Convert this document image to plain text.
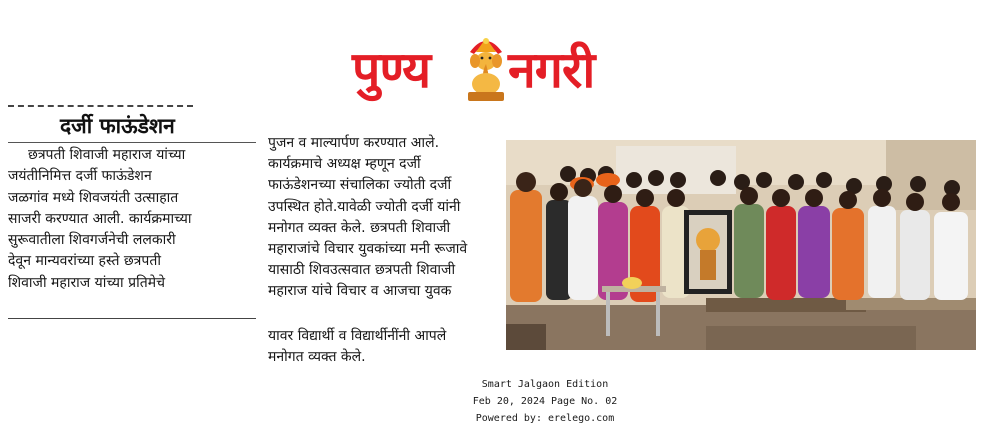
पुण्य नगरी
दर्जी फाऊंडेशन
छत्रपती शिवाजी महाराज यांच्या
जयंतीनिमित्त दर्जी फाऊंडेशन
जळगांव मध्ये शिवजयंती उत्साहात
साजरी करण्यात आली. कार्यक्रमाच्या
सुरूवातीला शिवगर्जनेची ललकारी
देवून मान्यवरांच्या हस्ते छत्रपती
शिवाजी महाराज यांच्या प्रतिमेचे
पुजन व माल्यार्पण करण्यात आले.
कार्यक्रमाचे अध्यक्ष म्हणून दर्जी
फाऊंडेशनच्या संचालिका ज्योती दर्जी
उपस्थित होते.यावेळी ज्योती दर्जी यांनी
मनोगत व्यक्त केले. छत्रपती शिवाजी
महाराजांचे विचार युवकांच्या मनी रूजावे
यासाठी शिवउत्सवात छत्रपती शिवाजी
महाराज यांचे विचार व आजचा युवक
यावर विद्यार्थी व विद्यार्थीनींनी आपले
मनोगत व्यक्त केले.
Smart Jalgaon Edition
Feb 20, 2024 Page No. 02
Powered by: erelego.com
